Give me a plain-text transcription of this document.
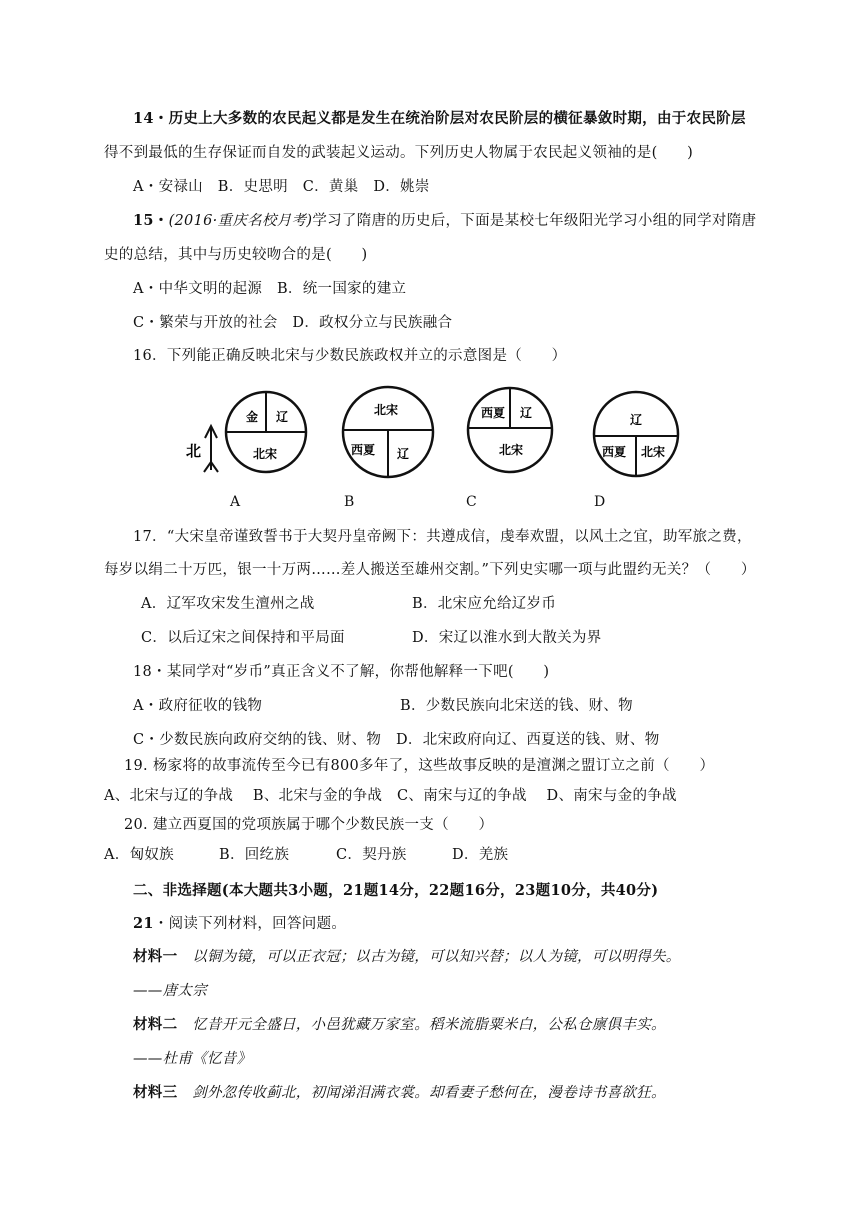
14・历史上大多数的农民起义都是发生在统治阶层对农民阶层的横征暴敛时期，由于农民阶层
得不到最低的生存保证而自发的武装起义运动。下列历史人物属于农民起义领袖的是(　　)
A・安禄山　B．史思明　C．黄巢　D．姚崇
15・(2016·重庆名校月考)学习了隋唐的历史后，下面是某校七年级阳光学习小组的同学对隋唐
史的总结，其中与历史较吻合的是(　　)
A・中华文明的起源　B．统一国家的建立
C・繁荣与开放的社会　D．政权分立与民族融合
16．下列能正确反映北宋与少数民族政权并立的示意图是（　　）
北
金 辽
北宋
北宋
西夏 辽
西夏 辽
北宋
辽
西夏 北宋
A	B	C	D
17．“大宋皇帝谨致誓书于大契丹皇帝阙下：共遵成信，虔奉欢盟，以风土之宜，助军旅之费，
每岁以绢二十万匹，银一十万两……差人搬送至雄州交割。”下列史实哪一项与此盟约无关？（　　）
A．辽军攻宋发生澶州之战	B．北宋应允给辽岁币
C．以后辽宋之间保持和平局面	D．宋辽以淮水到大散关为界
18・某同学对“岁币”真正含义不了解，你帮他解释一下吧(　　)
A・政府征收的钱物	B．少数民族向北宋送的钱、财、物
C・少数民族向政府交纳的钱、财、物　D．北宋政府向辽、西夏送的钱、财、物
19. 杨家将的故事流传至今已有800多年了，这些故事反映的是澶渊之盟订立之前（　　）
A、北宋与辽的争战　 B、北宋与金的争战　C、南宋与辽的争战　 D、南宋与金的争战
20. 建立西夏国的党项族属于哪个少数民族一支（　　）
A．匈奴族	B．回纥族	C．契丹族	D．羌族
二、非选择题(本大题共3小题，21题14分，22题16分，23题10分，共40分)
21・阅读下列材料，回答问题。
材料一　以铜为镜，可以正衣冠；以古为镜，可以知兴替；以人为镜，可以明得失。
——唐太宗
材料二　忆昔开元全盛日，小邑犹藏万家室。稻米流脂粟米白，公私仓廪俱丰实。
——杜甫《忆昔》
材料三　剑外忽传收蓟北，初闻涕泪满衣裳。却看妻子愁何在，漫卷诗书喜欲狂。
